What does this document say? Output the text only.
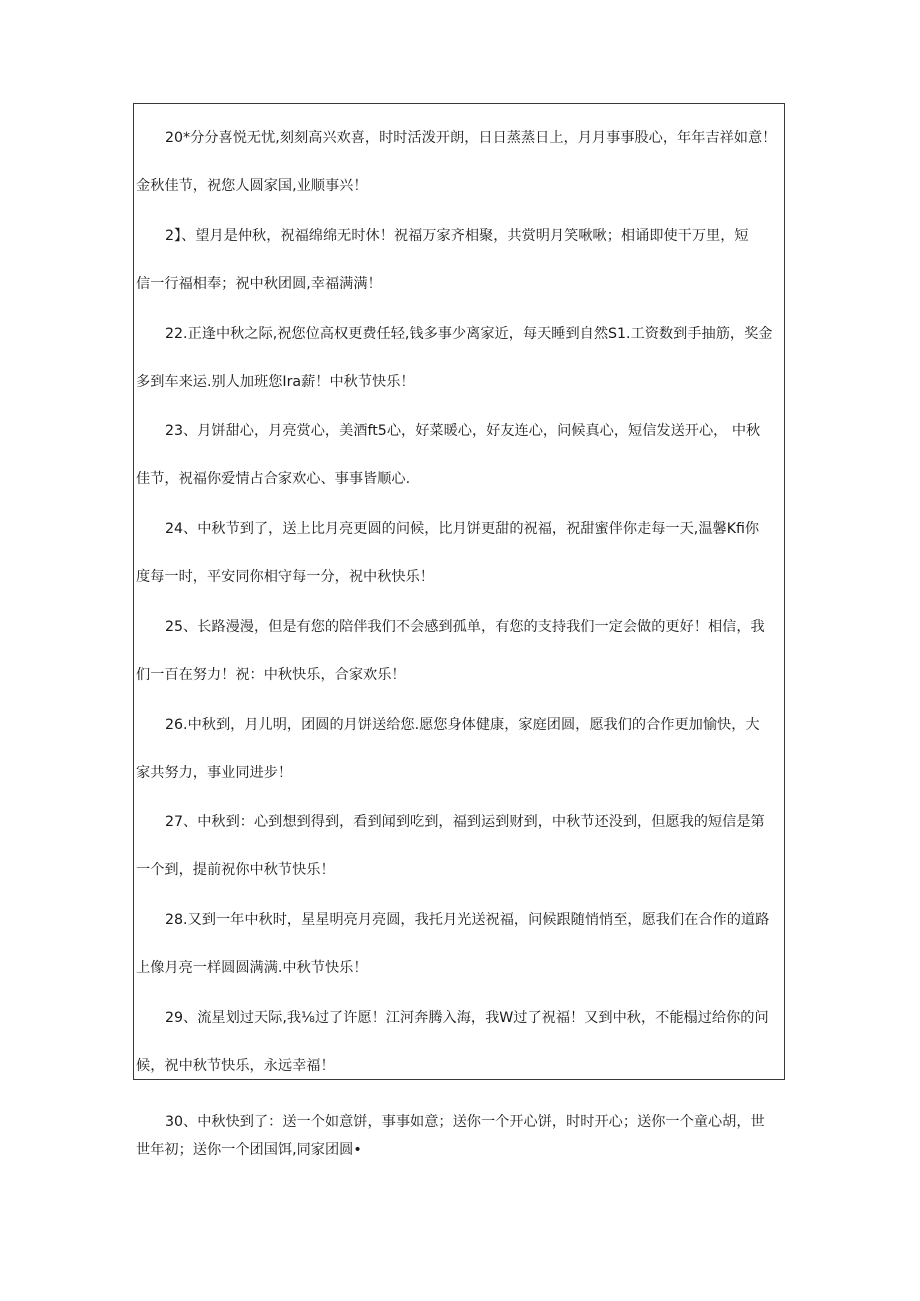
20*分分喜悦无忧,刻刻高兴欢喜，时时活泼开朗，日日蒸蒸日上，月月事事股心，年年吉祥如意！
金秋佳节，祝您人圆家国,业顺事兴！
2】、望月是仲秋，祝福绵绵无时休！祝福万家齐相聚，共赏明月笑啾啾；相诵即使干万里，短
信一行福相奉；祝中秋团圆,幸福满满！
22.正逢中秋之际,祝您位高权更费任轻,钱多事少离家近，每天睡到自然S1.工资数到手抽筋，奖金
多到车来运.别人加班您Ira薪！中秋节快乐！
23、月饼甜心，月亮赏心，美酒ft5心，好菜暖心，好友连心，问候真心，短信发送开心， 中秋
佳节，祝福你爱情占合家欢心、事事皆顺心.
24、中秋节到了，送上比月亮更圆的问候，比月饼更甜的祝福，祝甜蜜伴你走每一天,温馨Kfi你
度每一时，平安同你相守每一分，祝中秋快乐！
25、长路漫漫，但是有您的陪伴我们不会感到孤单，有您的支持我们一定会做的更好！相信，我
们一百在努力！祝：中秋快乐，合家欢乐！
26.中秋到，月儿明，团圆的月饼送给您.愿您身体健康，家庭团圆，愿我们的合作更加愉快，大
家共努力，事业同进步！
27、中秋到：心到想到得到，看到闻到吃到，福到运到财到，中秋节还没到，但愿我的短信是第
一个到，提前祝你中秋节快乐！
28.又到一年中秋时，星星明亮月亮圆，我托月光送祝福，问候跟随悄悄至，愿我们在合作的道路
上像月亮一样圆圆满满.中秋节快乐！
29、流星划过天际,我⅛过了许愿！江河奔腾入海，我W过了祝福！又到中秋，不能榻过给你的问
候，祝中秋节快乐，永远幸福！
30、中秋快到了：送一个如意饼，事事如意；送你一个开心饼，时时开心；送你一个童心胡，世
世年初；送你一个团国饵,同家团圆•
